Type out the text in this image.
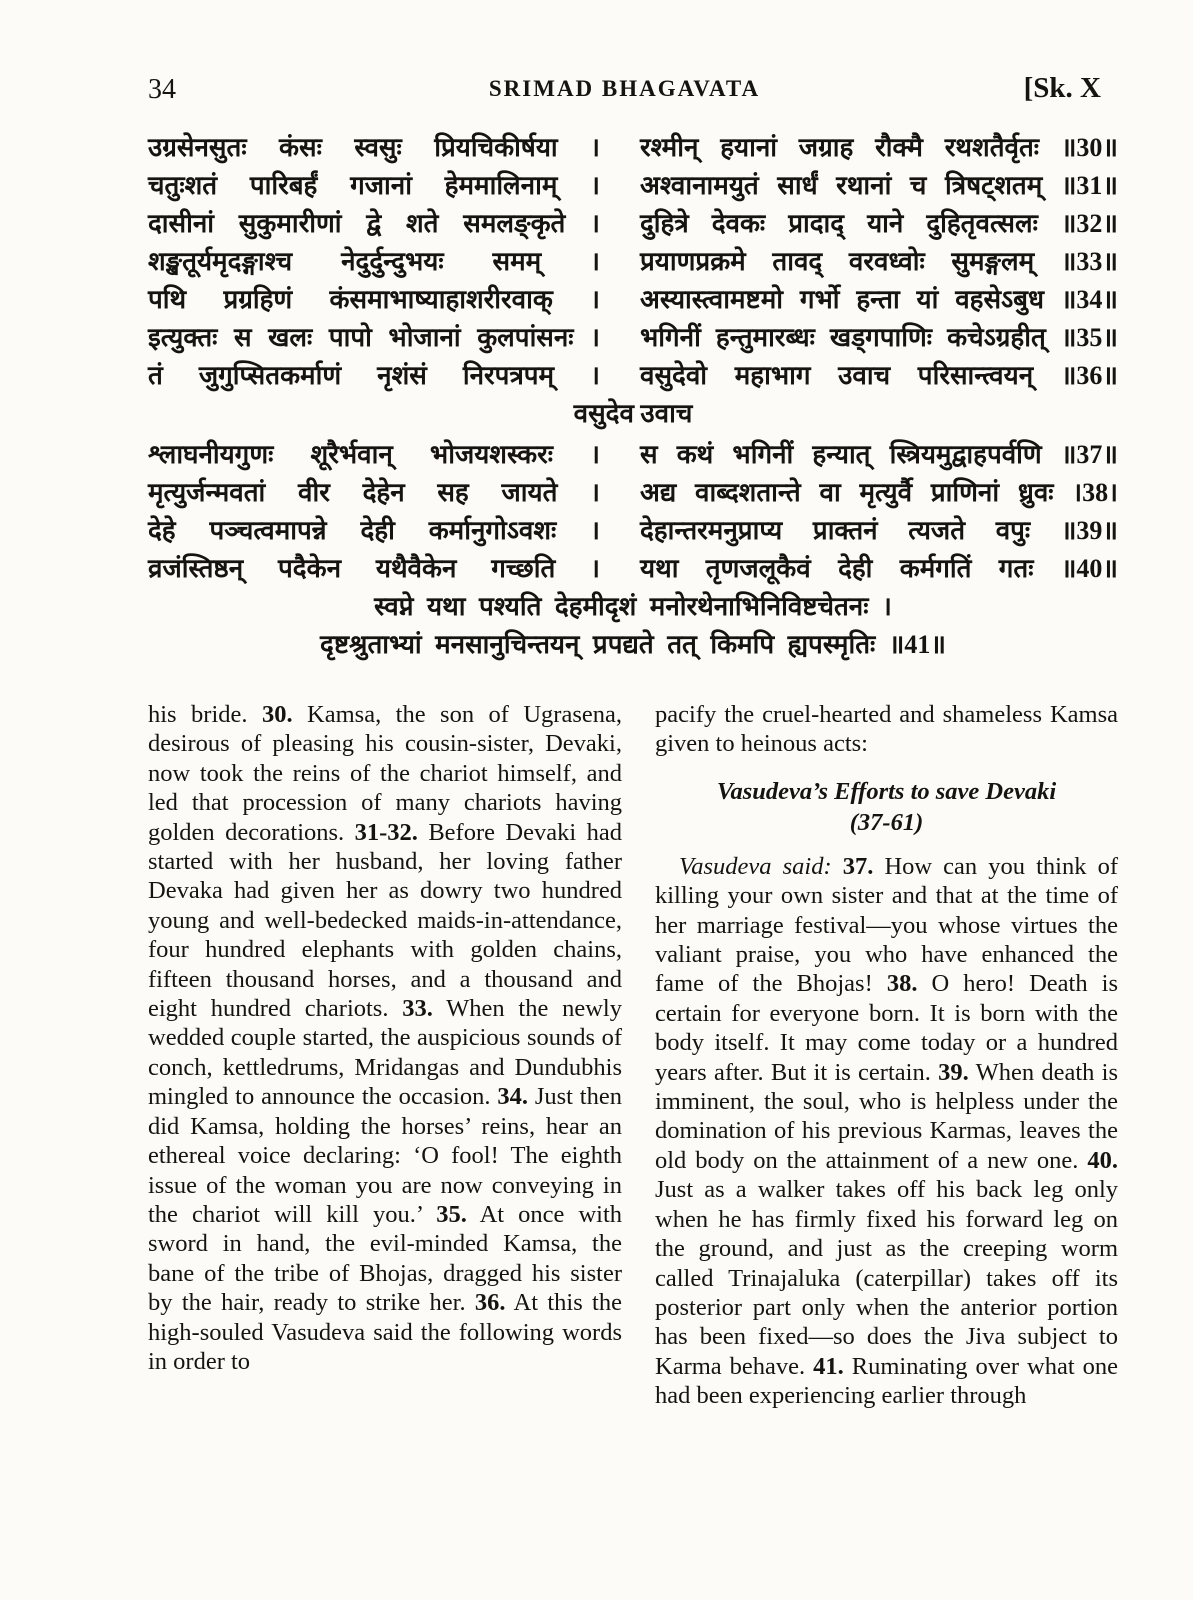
34	SRIMAD BHAGAVATA	[Sk. X
उग्रसेनसुतः कंसः स्वसुः प्रियचिकीर्षया । रश्मीन् हयानां जग्राह रौक्मै रथशतैर्वृतः ॥30॥
चतुःशतं पारिबर्हं गजानां हेममालिनाम् । अश्वानामयुतं सार्धं रथानां च त्रिषट्शतम् ॥31॥
दासीनां सुकुमारीणां द्वे शते समलङ्कृते । दुहित्रे देवकः प्रादाद् याने दुहितृवत्सलः ॥32॥
शङ्खतूर्यमृदङ्गाश्च नेदुर्दुन्दुभयः समम् । प्रयाणप्रक्रमे तावद् वरवध्वोः सुमङ्गलम् ॥33॥
पथि प्रग्रहिणं कंसमाभाष्याहाशरीरवाक् । अस्यास्त्वामष्टमो गर्भो हन्ता यां वहसेऽबुध ॥34॥
इत्युक्तः स खलः पापो भोजानां कुलपांसनः । भगिनीं हन्तुमारब्धः खड्गपाणिः कचेऽग्रहीत् ॥35॥
तं जुगुप्सितकर्माणं नृशंसं निरपत्रपम् । वसुदेवो महाभाग उवाच परिसान्त्वयन् ॥36॥
वसुदेव उवाच
श्लाघनीयगुणः शूरैर्भवान् भोजयशस्करः । स कथं भगिनीं हन्यात् स्त्रियमुद्वाहपर्वणि ॥37॥
मृत्युर्जन्मवतां वीर देहेन सह जायते । अद्य वाब्दशतान्ते वा मृत्युर्वै प्राणिनां ध्रुवः ।38।
देहे पञ्चत्वमापन्ने देही कर्मानुगोऽवशः । देहान्तरमनुप्राप्य प्राक्तनं त्यजते वपुः ॥39॥
व्रजंस्तिष्ठन् पदैकेन यथैवैकेन गच्छति । यथा तृणजलूकैवं देही कर्मगतिं गतः ॥40॥
स्वप्ने यथा पश्यति देहमीदृशं मनोरथेनाभिनिविष्टचेतनः ।
दृष्टश्रुताभ्यां मनसानुचिन्तयन् प्रपद्यते तत् किमपि ह्यपस्मृतिः ॥41॥

his bride. 30. Kamsa, the son of Ugrasena, desirous of pleasing his cousin-sister, Devaki, now took the reins of the chariot himself, and led that procession of many chariots having golden decorations. 31-32. Before Devaki had started with her husband, her loving father Devaka had given her as dowry two hundred young and well-bedecked maids-in-attendance, four hundred elephants with golden chains, fifteen thousand horses, and a thousand and eight hundred chariots. 33. When the newly wedded couple started, the auspicious sounds of conch, kettledrums, Mridangas and Dundubhis mingled to announce the occasion. 34. Just then did Kamsa, holding the horses’ reins, hear an ethereal voice declaring: ‘O fool! The eighth issue of the woman you are now conveying in the chariot will kill you.’ 35. At once with sword in hand, the evil-minded Kamsa, the bane of the tribe of Bhojas, dragged his sister by the hair, ready to strike her. 36. At this the high-souled Vasudeva said the following words in order to

pacify the cruel-hearted and shameless Kamsa given to heinous acts:

Vasudeva’s Efforts to save Devaki
(37-61)

Vasudeva said: 37. How can you think of killing your own sister and that at the time of her marriage festival—you whose virtues the valiant praise, you who have enhanced the fame of the Bhojas! 38. O hero! Death is certain for everyone born. It is born with the body itself. It may come today or a hundred years after. But it is certain. 39. When death is imminent, the soul, who is helpless under the domination of his previous Karmas, leaves the old body on the attainment of a new one. 40. Just as a walker takes off his back leg only when he has firmly fixed his forward leg on the ground, and just as the creeping worm called Trinajaluka (caterpillar) takes off its posterior part only when the anterior portion has been fixed—so does the Jiva subject to Karma behave. 41. Ruminating over what one had been experiencing earlier through
